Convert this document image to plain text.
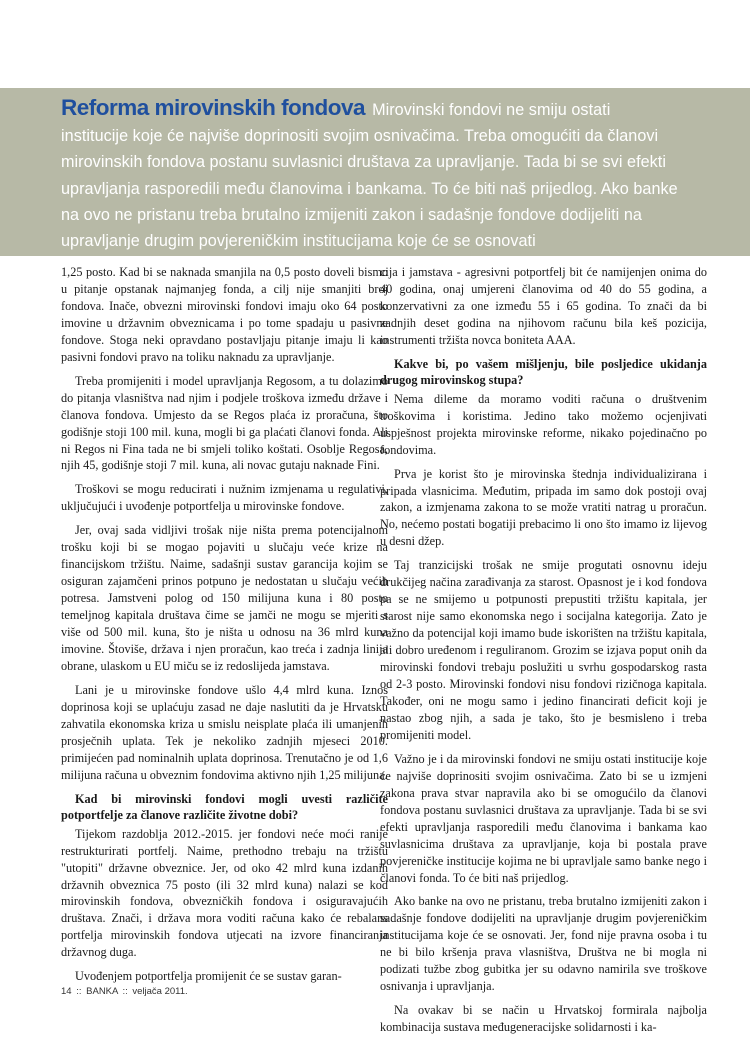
Reforma mirovinskih fondova Mirovinski fondovi ne smiju ostati institucije koje će najviše doprinositi svojim osnivačima. Treba omogućiti da članovi mirovinskih fondova postanu suvlasnici društava za upravljanje. Tada bi se svi efekti upravljanja rasporedili među članovima i bankama. To će biti naš prijedlog. Ako banke na ovo ne pristanu treba brutalno izmijeniti zakon i sadašnje fondove dodijeliti na upravljanje drugim povjereničkim institucijama koje će se osnovati

1,25 posto. Kad bi se naknada smanjila na 0,5 posto doveli bismo u pitanje opstanak najmanjeg fonda, a cilj nije smanjiti broj fondova. Inače, obvezni mirovinski fondovi imaju oko 64 posto imovine u državnim obveznicama i po tome spadaju u pasivne fondove. Stoga neki opravdano postavljaju pitanje imaju li kao pasivni fondovi pravo na toliku naknadu za upravljanje.

Treba promijeniti i model upravljanja Regosom, a tu dolazimo do pitanja vlasništva nad njim i podjele troškova između države i članova fondova. Umjesto da se Regos plaća iz proračuna, što godišnje stoji 100 mil. kuna, mogli bi ga plaćati članovi fonda. Ali ni Regos ni Fina tada ne bi smjeli toliko koštati. Osoblje Regosa, njih 45, godišnje stoji 7 mil. kuna, ali novac gutaju naknade Fini.

Troškovi se mogu reducirati i nužnim izmjenama u regulativi, uključujući i uvođenje potportfelja u mirovinske fondove.

Jer, ovaj sada vidljivi trošak nije ništa prema potencijalnom trošku koji bi se mogao pojaviti u slučaju veće krize na financijskom tržištu. Naime, sadašnji sustav garancija kojim se osiguran zajamčeni prinos potpuno je nedostatan u slučaju većih potresa. Jamstveni polog od 150 milijuna kuna i 80 posto temeljnog kapitala društava čime se jamči ne mogu se mjeriti s više od 500 mil. kuna, što je ništa u odnosu na 36 mlrd kuna imovine. Štoviše, država i njen proračun, kao treća i zadnja linija obrane, ulaskom u EU miču se iz redoslijeda jamstava.

Lani je u mirovinske fondove ušlo 4,4 mlrd kuna. Iznos doprinosa koji se uplaćuju zasad ne daje naslutiti da je Hrvatsku zahvatila ekonomska kriza u smislu neisplate plaća ili umanjenih prosječnih uplata. Tek je nekoliko zadnjih mjeseci 2010. primijećen pad nominalnih uplata doprinosa. Trenutačno je od 1,6 milijuna računa u obveznim fondovima aktivno njih 1,25 milijuna.

Kad bi mirovinski fondovi mogli uvesti različite potportfelje za članove različite životne dobi?

Tijekom razdoblja 2012.-2015. jer fondovi neće moći ranije restrukturirati portfelj. Naime, prethodno trebaju na tržištu "utopiti" državne obveznice. Jer, od oko 42 mlrd kuna izdanih državnih obveznica 75 posto (ili 32 mlrd kuna) nalazi se kod mirovinskih fondova, obvezničkih fondova i osiguravajućih društava. Znači, i država mora voditi računa kako će rebalans portfelja mirovinskih fondova utjecati na izvore financiranja državnog duga.

Uvođenjem potportfelja promijenit će se sustav garan-

cija i jamstava - agresivni potportfelj bit će namijenjen onima do 40 godina, onaj umjereni članovima od 40 do 55 godina, a konzervativni za one između 55 i 65 godina. To znači da bi zadnjih deset godina na njihovom računu bila keš pozicija, instrumenti tržišta novca boniteta AAA.

Kakve bi, po vašem mišljenju, bile posljedice ukidanja drugog mirovinskog stupa?

Nema dileme da moramo voditi računa o društvenim troškovima i koristima. Jedino tako možemo ocjenjivati uspješnost projekta mirovinske reforme, nikako pojedinačno po fondovima.

Prva je korist što je mirovinska štednja individualizirana i pripada vlasnicima. Međutim, pripada im samo dok postoji ovaj zakon, a izmjenama zakona to se može vratiti natrag u proračun. No, nećemo postati bogatiji prebacimo li ono što imamo iz lijevog u desni džep.

Taj tranzicijski trošak ne smije progutati osnovnu ideju drukčijeg načina zarađivanja za starost. Opasnost je i kod fondova pa se ne smijemo u potpunosti prepustiti tržištu kapitala, jer starost nije samo ekonomska nego i socijalna kategorija. Zato je važno da potencijal koji imamo bude iskorišten na tržištu kapitala, ali dobro uređenom i reguliranom. Grozim se izjava poput onih da mirovinski fondovi trebaju poslužiti u svrhu gospodarskog rasta od 2-3 posto. Mirovinski fondovi nisu fondovi rizičnoga kapitala. Također, oni ne mogu samo i jedino financirati deficit koji je nastao zbog njih, a sada je tako, što je besmisleno i treba promijeniti model.

Važno je i da mirovinski fondovi ne smiju ostati institucije koje će najviše doprinositi svojim osnivačima. Zato bi se u izmjeni zakona prava stvar napravila ako bi se omogućilo da članovi fondova postanu suvlasnici društava za upravljanje. Tada bi se svi efekti upravljanja rasporedili među članovima i bankama kao suvlasnicima društava za upravljanje, koja bi postala prave povjereničke institucije kojima ne bi upravljale samo banke nego i članovi fonda. To će biti naš prijedlog.

Ako banke na ovo ne pristanu, treba brutalno izmijeniti zakon i sadašnje fondove dodijeliti na upravljanje drugim povjereničkim institucijama koje će se osnovati. Jer, fond nije pravna osoba i tu ne bi bilo kršenja prava vlasništva, Društva ne bi mogla ni podizati tužbe zbog gubitka jer su odavno namirila sve troškove osnivanja i upravljanja.

Na ovakav bi se način u Hrvatskoj formirala najbolja kombinacija sustava međugeneracijske solidarnosti i ka-

14 :: BANKA :: veljača 2011.
